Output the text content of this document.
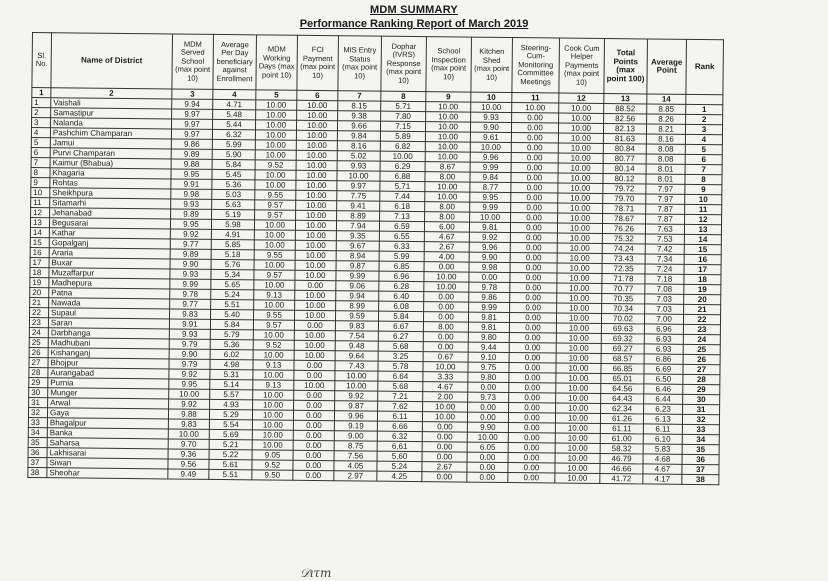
MDM SUMMARY
Performance Ranking Report of March 2019
Sl. No.	Name of District	MDM Served School (max point 10)	Average Per Day beneficiary against Enrollment	MDM Working Days (max point 10)	FCI Payment (max point 10)	MIS Entry Status (max point 10)	Dophar (IVRS) Response (max point 10)	School Inspection (max point 10)	Kitchen Shed (max point 10)	Steering-Cum-Monitoring Committee Meetings	Cook Cum Helper Payments (max point 10)	Total Points (max point 100)	Average Point	Rank
1	2	3	4	5	6	7	8	9	10	11	12	13	14	
1	Vaishali	9.94	4.71	10.00	10.00	8.15	5.71	10.00	10.00	10.00	10.00	88.52	8.85	1
2	Samastipur	9.97	5.48	10.00	10.00	9.38	7.80	10.00	9.93	0.00	10.00	82.56	8.26	2
3	Nalanda	9.97	5.44	10.00	10.00	9.66	7.15	10.00	9.90	0.00	10.00	82.13	8.21	3
4	Pashchim Champaran	9.97	6.32	10.00	10.00	9.84	5.89	10.00	9.61	0.00	10.00	81.63	8.16	4
5	Jamui	9.86	5.99	10.00	10.00	8.16	6.82	10.00	10.00	0.00	10.00	80.84	8.08	5
6	Purvi Champaran	9.89	5.90	10.00	10.00	5.02	10.00	10.00	9.96	0.00	10.00	80.77	8.08	6
7	Kaimur (Bhabua)	9.88	5.84	9.52	10.00	9.93	6.29	8.67	9.99	0.00	10.00	80.14	8.01	7
8	Khagaria	9.95	5.45	10.00	10.00	10.00	6.88	8.00	9.84	0.00	10.00	80.12	8.01	8
9	Rohtas	9.91	5.36	10.00	10.00	9.97	5.71	10.00	8.77	0.00	10.00	79.72	7.97	9
10	Sheikhpura	9.98	5.03	9.55	10.00	7.75	7.44	10.00	9.95	0.00	10.00	79.70	7.97	10
11	Sitamarhi	9.93	5.63	9.57	10.00	9.41	6.18	8.00	9.99	0.00	10.00	78.71	7.87	11
12	Jehanabad	9.89	5.19	9.57	10.00	8.89	7.13	8.00	10.00	0.00	10.00	78.67	7.87	12
13	Begusarai	9.95	5.98	10.00	10.00	7.94	6.59	6.00	9.81	0.00	10.00	76.26	7.63	13
14	Kathar	9.92	4.91	10.00	10.00	9.35	6.55	4.67	9.92	0.00	10.00	75.32	7.53	14
15	Gopalganj	9.77	5.85	10.00	10.00	9.67	6.33	2.67	9.96	0.00	10.00	74.24	7.42	15
16	Araria	9.89	5.18	9.55	10.00	8.94	5.99	4.00	9.90	0.00	10.00	73.43	7.34	16
17	Buxar	9.90	5.76	10.00	10.00	9.87	6.85	0.00	9.98	0.00	10.00	72.35	7.24	17
18	Muzaffarpur	9.93	5.34	9.57	10.00	9.99	6.96	10.00	0.00	0.00	10.00	71.78	7.18	18
19	Madhepura	9.99	5.65	10.00	0.00	9.06	6.28	10.00	9.78	0.00	10.00	70.77	7.08	19
20	Patna	9.78	5.24	9.13	10.00	9.94	6.40	0.00	9.86	0.00	10.00	70.35	7.03	20
21	Nawada	9.77	5.51	10.00	10.00	8.99	6.08	0.00	9.99	0.00	10.00	70.34	7.03	21
22	Supaul	9.83	5.40	9.55	10.00	9.59	5.84	0.00	9.81	0.00	10.00	70.02	7.00	22
23	Saran	9.91	5.84	9.57	0.00	9.83	6.67	8.00	9.81	0.00	10.00	69.63	6.96	23
24	Darbhanga	9.93	5.79	10.00	10.00	7.54	6.27	0.00	9.80	0.00	10.00	69.32	6.93	24
25	Madhubani	9.79	5.36	9.52	10.00	9.48	5.68	0.00	9.44	0.00	10.00	69.27	6.93	25
26	Kishanganj	9.90	6.02	10.00	10.00	9.64	3.25	0.67	9.10	0.00	10.00	68.57	6.86	26
27	Bhojpur	9.79	4.98	9.13	0.00	7.43	5.78	10.00	9.75	0.00	10.00	66.85	6.69	27
28	Aurangabad	9.92	5.31	10.00	0.00	10.00	6.64	3.33	9.80	0.00	10.00	65.01	6.50	28
29	Purnia	9.95	5.14	9.13	10.00	10.00	5.68	4.67	0.00	0.00	10.00	64.56	6.46	29
30	Munger	10.00	5.57	10.00	0.00	9.92	7.21	2.00	9.73	0.00	10.00	64.43	6.44	30
31	Arwal	9.92	4.93	10.00	0.00	9.87	7.62	10.00	0.00	0.00	10.00	62.34	6.23	31
32	Gaya	9.88	5.29	10.00	0.00	9.96	6.11	10.00	0.00	0.00	10.00	61.26	6.13	32
33	Bhagalpur	9.83	5.54	10.00	0.00	9.19	6.66	0.00	9.90	0.00	10.00	61.11	6.11	33
34	Banka	10.00	5.69	10.00	0.00	9.00	6.32	0.00	10.00	0.00	10.00	61.00	6.10	34
35	Saharsa	9.70	5.21	10.00	0.00	8.75	6.61	0.00	6.05	0.00	10.00	58.32	5.83	35
36	Lakhisarai	9.36	5.22	9.05	0.00	7.56	5.60	0.00	0.00	0.00	10.00	46.79	4.68	36
37	Siwan	9.56	5.61	9.52	0.00	4.05	5.24	2.67	0.00	0.00	10.00	46.66	4.67	37
38	Sheohar	9.49	5.51	9.50	0.00	2.97	4.25	0.00	0.00	0.00	10.00	41.72	4.17	38
𝒟ıτm
